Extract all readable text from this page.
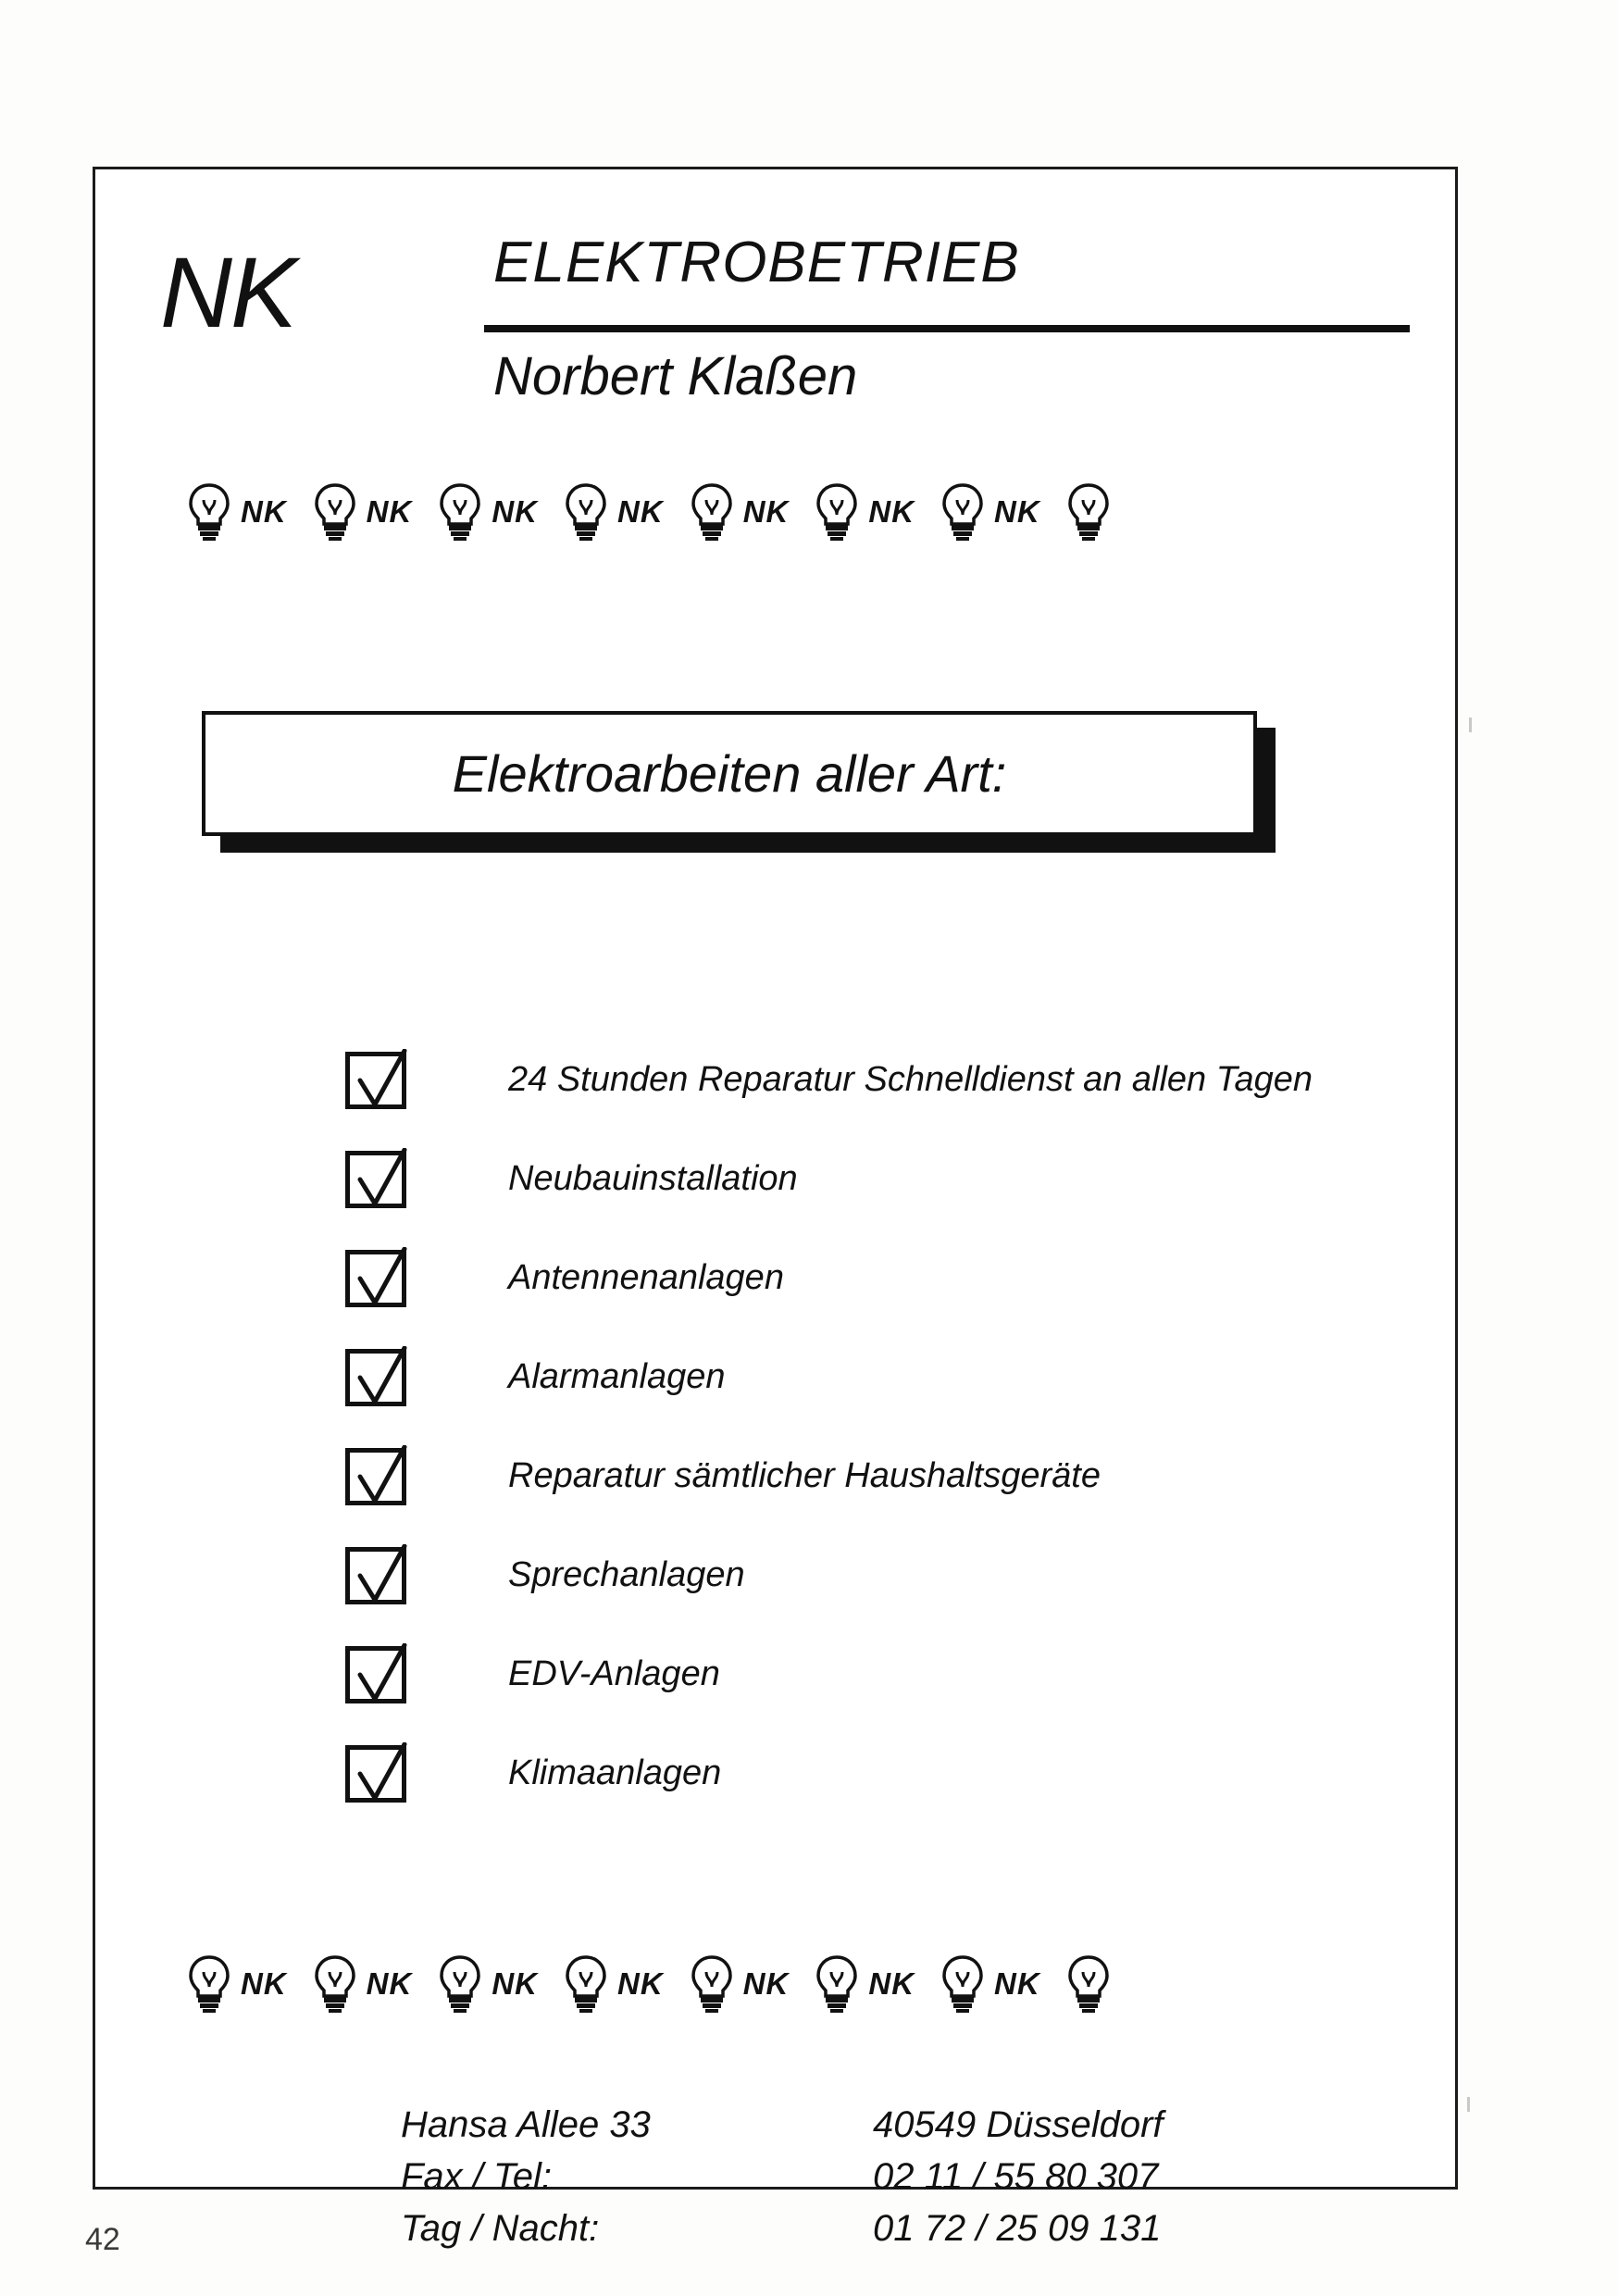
NK	ELEKTROBETRIEB
Norbert Klaßen
NK	NK	NK	NK	NK	NK	NK
Elektroarbeiten aller Art:
24 Stunden Reparatur Schnelldienst an allen Tagen
Neubauinstallation
Antennenanlagen
Alarmanlagen
Reparatur sämtlicher Haushaltsgeräte
Sprechanlagen
EDV-Anlagen
Klimaanlagen
NK	NK	NK	NK	NK	NK	NK
Hansa Allee 33	40549 Düsseldorf
Fax / Tel:	02 11 / 55 80 307
Tag / Nacht:	01 72 / 25 09 131
42
